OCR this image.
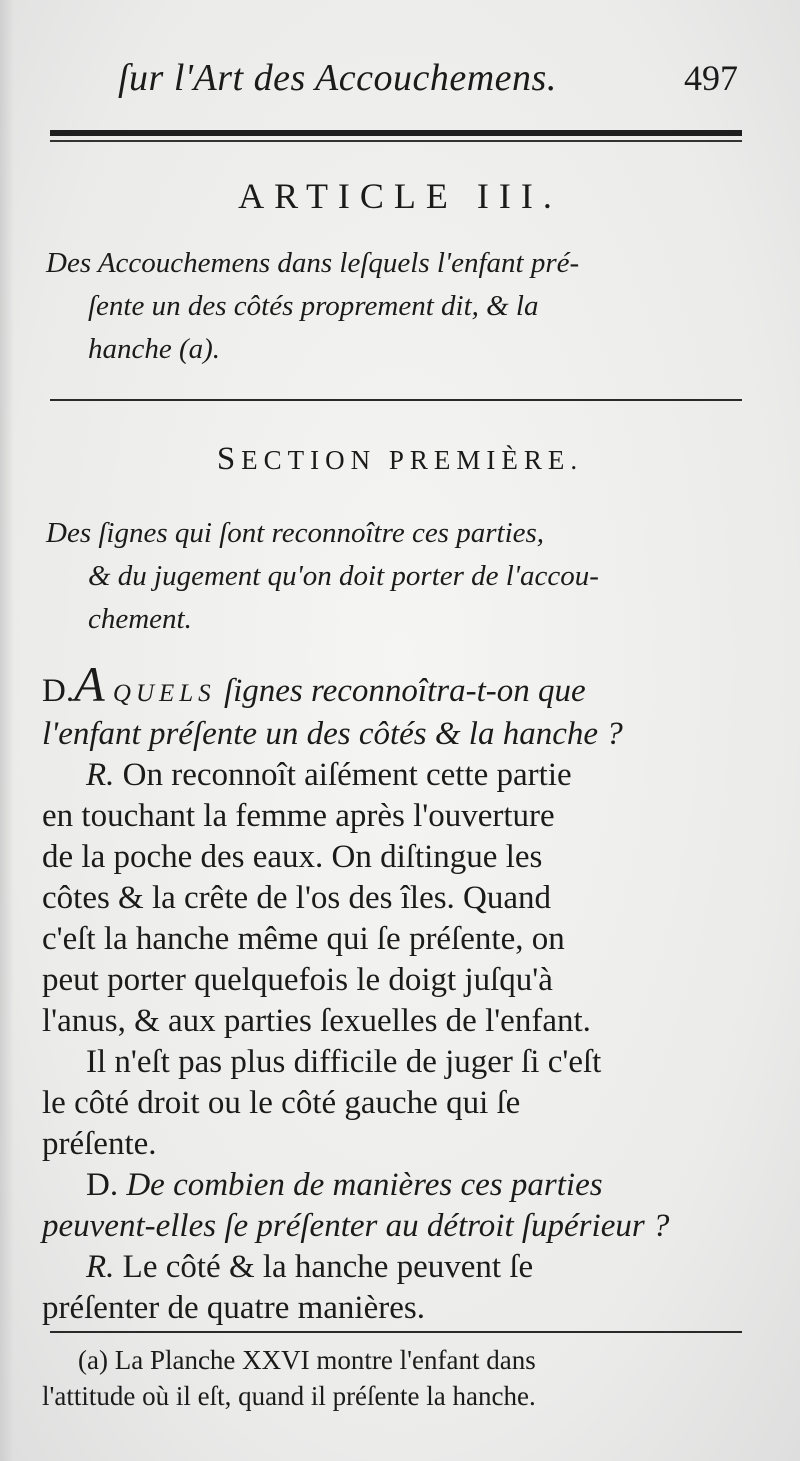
ſur l'Art des Accouchemens.	497
ARTICLE III.
Des Accouchemens dans leſquels l'enfant pré-
ſente un des côtés proprement dit, & la
hanche (a).
SECTION PREMIÈRE.
Des ſignes qui ſont reconnoître ces parties,
& du jugement qu'on doit porter de l'accou-
chement.
D.A QUELS ſignes reconnoîtra-t-on que
l'enfant préſente un des côtés & la hanche ?
R. On reconnoît aiſément cette partie
en touchant la femme après l'ouverture
de la poche des eaux. On diſtingue les
côtes & la crête de l'os des îles. Quand
c'eſt la hanche même qui ſe préſente, on
peut porter quelquefois le doigt juſqu'à
l'anus, & aux parties ſexuelles de l'enfant.
Il n'eſt pas plus difficile de juger ſi c'eſt
le côté droit ou le côté gauche qui ſe
préſente.
D. De combien de manières ces parties
peuvent-elles ſe préſenter au détroit ſupérieur ?
R. Le côté & la hanche peuvent ſe
préſenter de quatre manières.
(a) La Planche XXVI montre l'enfant dans
l'attitude où il eſt, quand il préſente la hanche.
